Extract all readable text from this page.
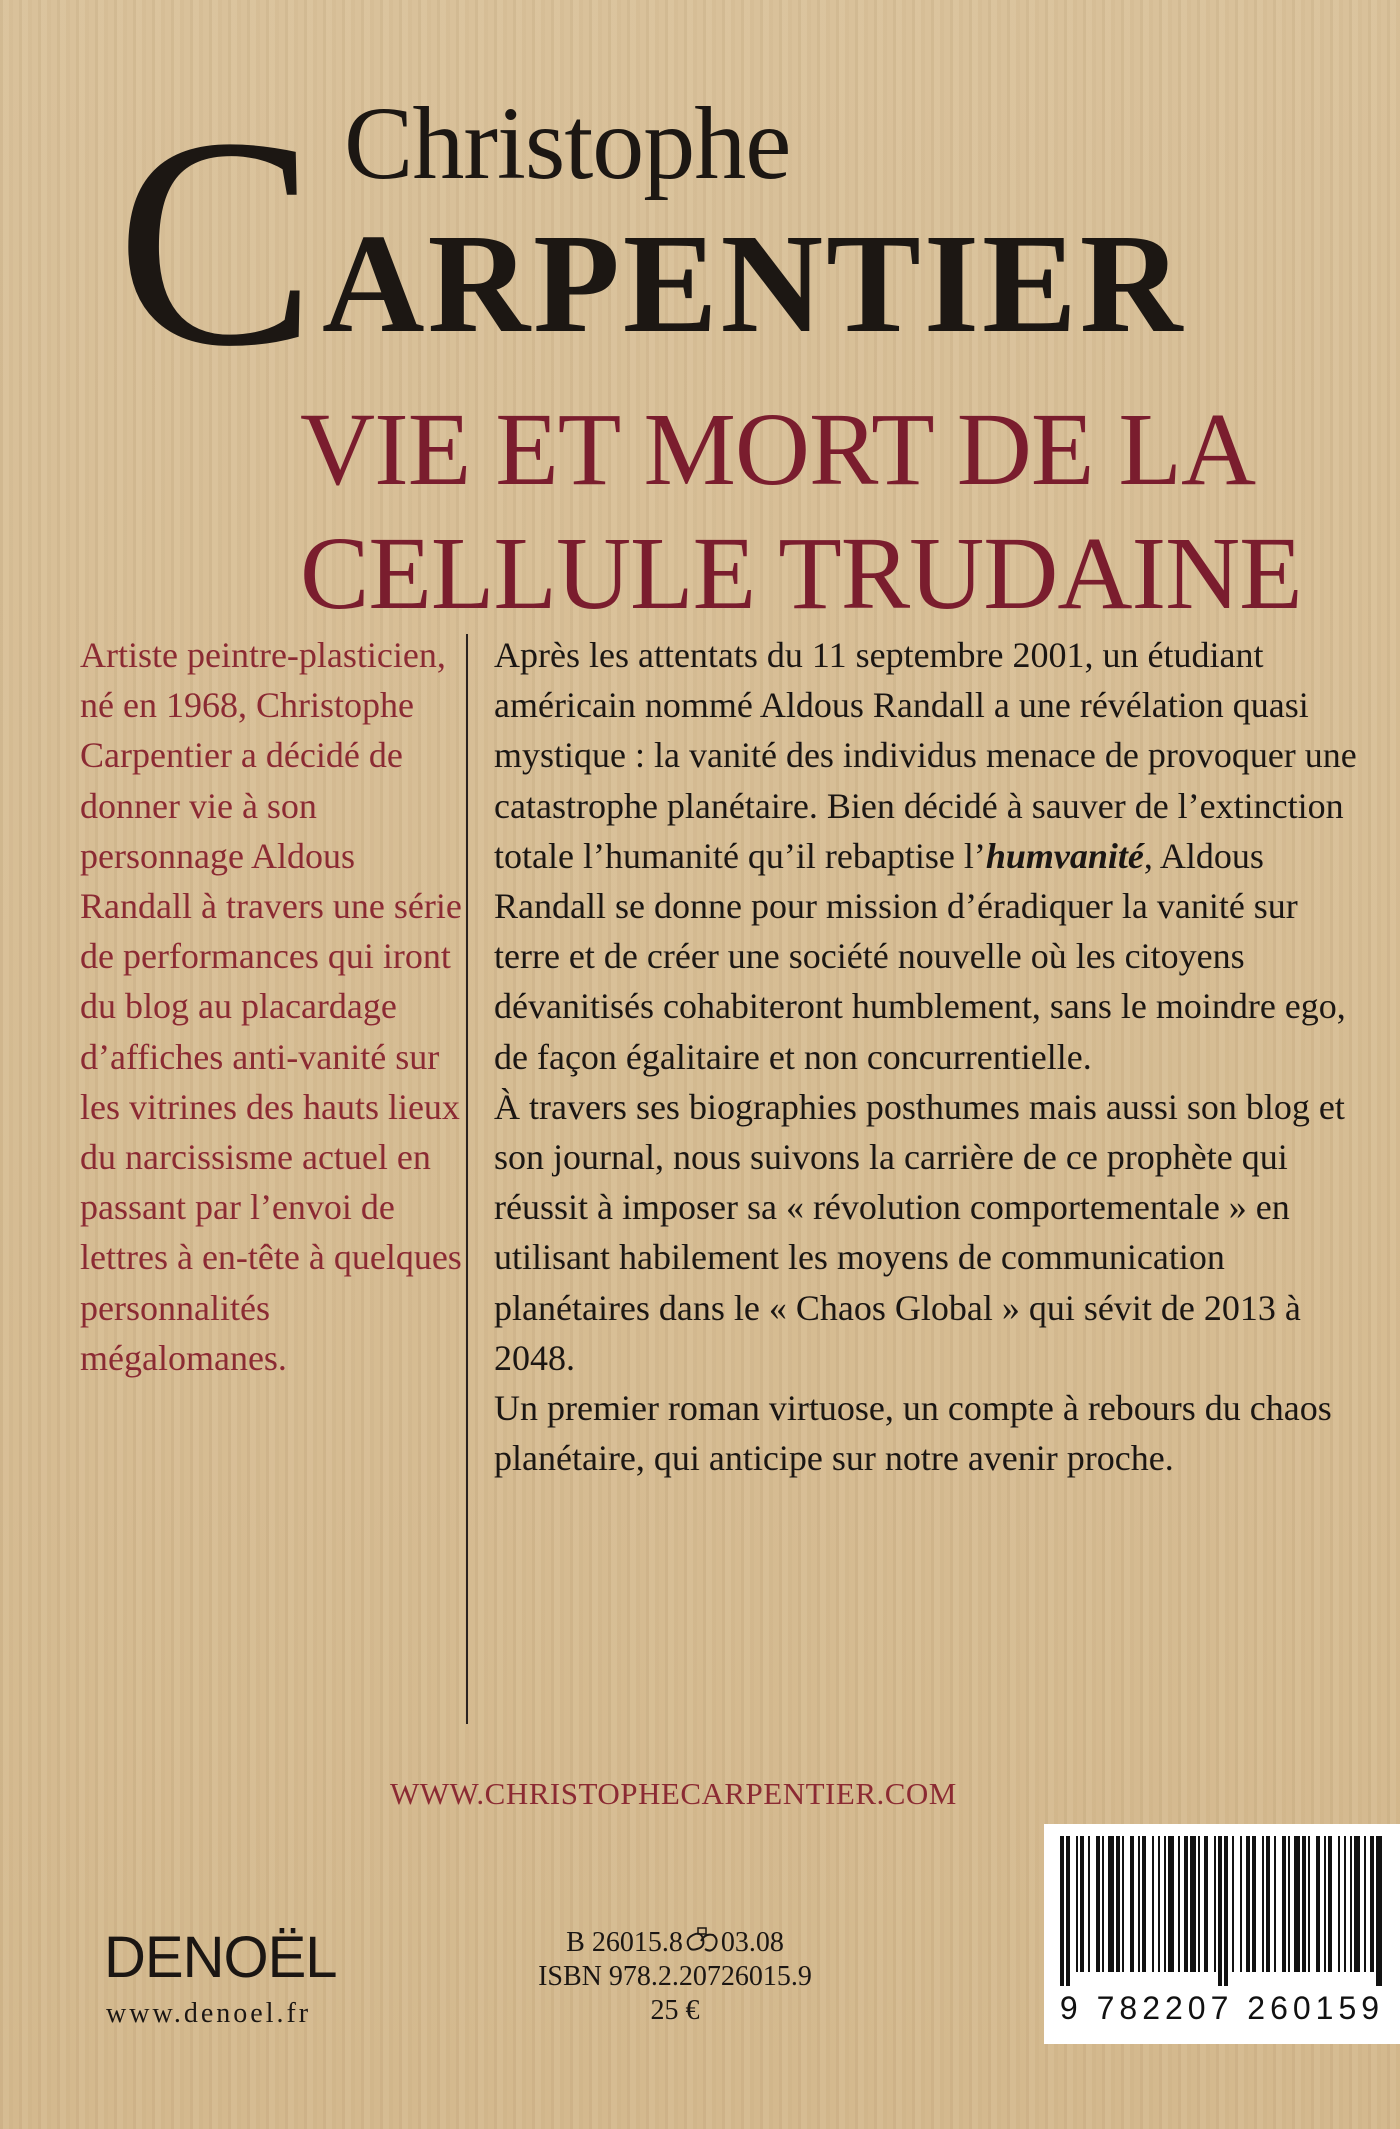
C Christophe
ARPENTIER
VIE ET MORT DE LA
CELLULE TRUDAINE

Artiste peintre-plasticien, né en 1968, Christophe Carpentier a décidé de donner vie à son personnage Aldous Randall à travers une série de performances qui iront du blog au placardage d’affiches anti-vanité sur les vitrines des hauts lieux du narcissisme actuel en passant par l’envoi de lettres à en-tête à quelques personnalités mégalomanes.

Après les attentats du 11 septembre 2001, un étudiant américain nommé Aldous Randall a une révélation quasi mystique : la vanité des individus menace de provoquer une catastrophe planétaire. Bien décidé à sauver de l’extinction totale l’humanité qu’il rebaptise l’humvanité, Aldous Randall se donne pour mission d’éradiquer la vanité sur terre et de créer une société nouvelle où les citoyens dévanitisés cohabiteront humblement, sans le moindre ego, de façon égalitaire et non concurrentielle.

À travers ses biographies posthumes mais aussi son blog et son journal, nous suivons la carrière de ce prophète qui réussit à imposer sa « révolution comportementale » en utilisant habilement les moyens de communication planétaires dans le « Chaos Global » qui sévit de 2013 à 2048.

Un premier roman virtuose, un compte à rebours du chaos planétaire, qui anticipe sur notre avenir proche.

WWW.CHRISTOPHECARPENTIER.COM
DENOËL
www.denoel.fr
B 26015.8 03.08
ISBN 978.2.20726015.9
25 €	9 782207 260159
